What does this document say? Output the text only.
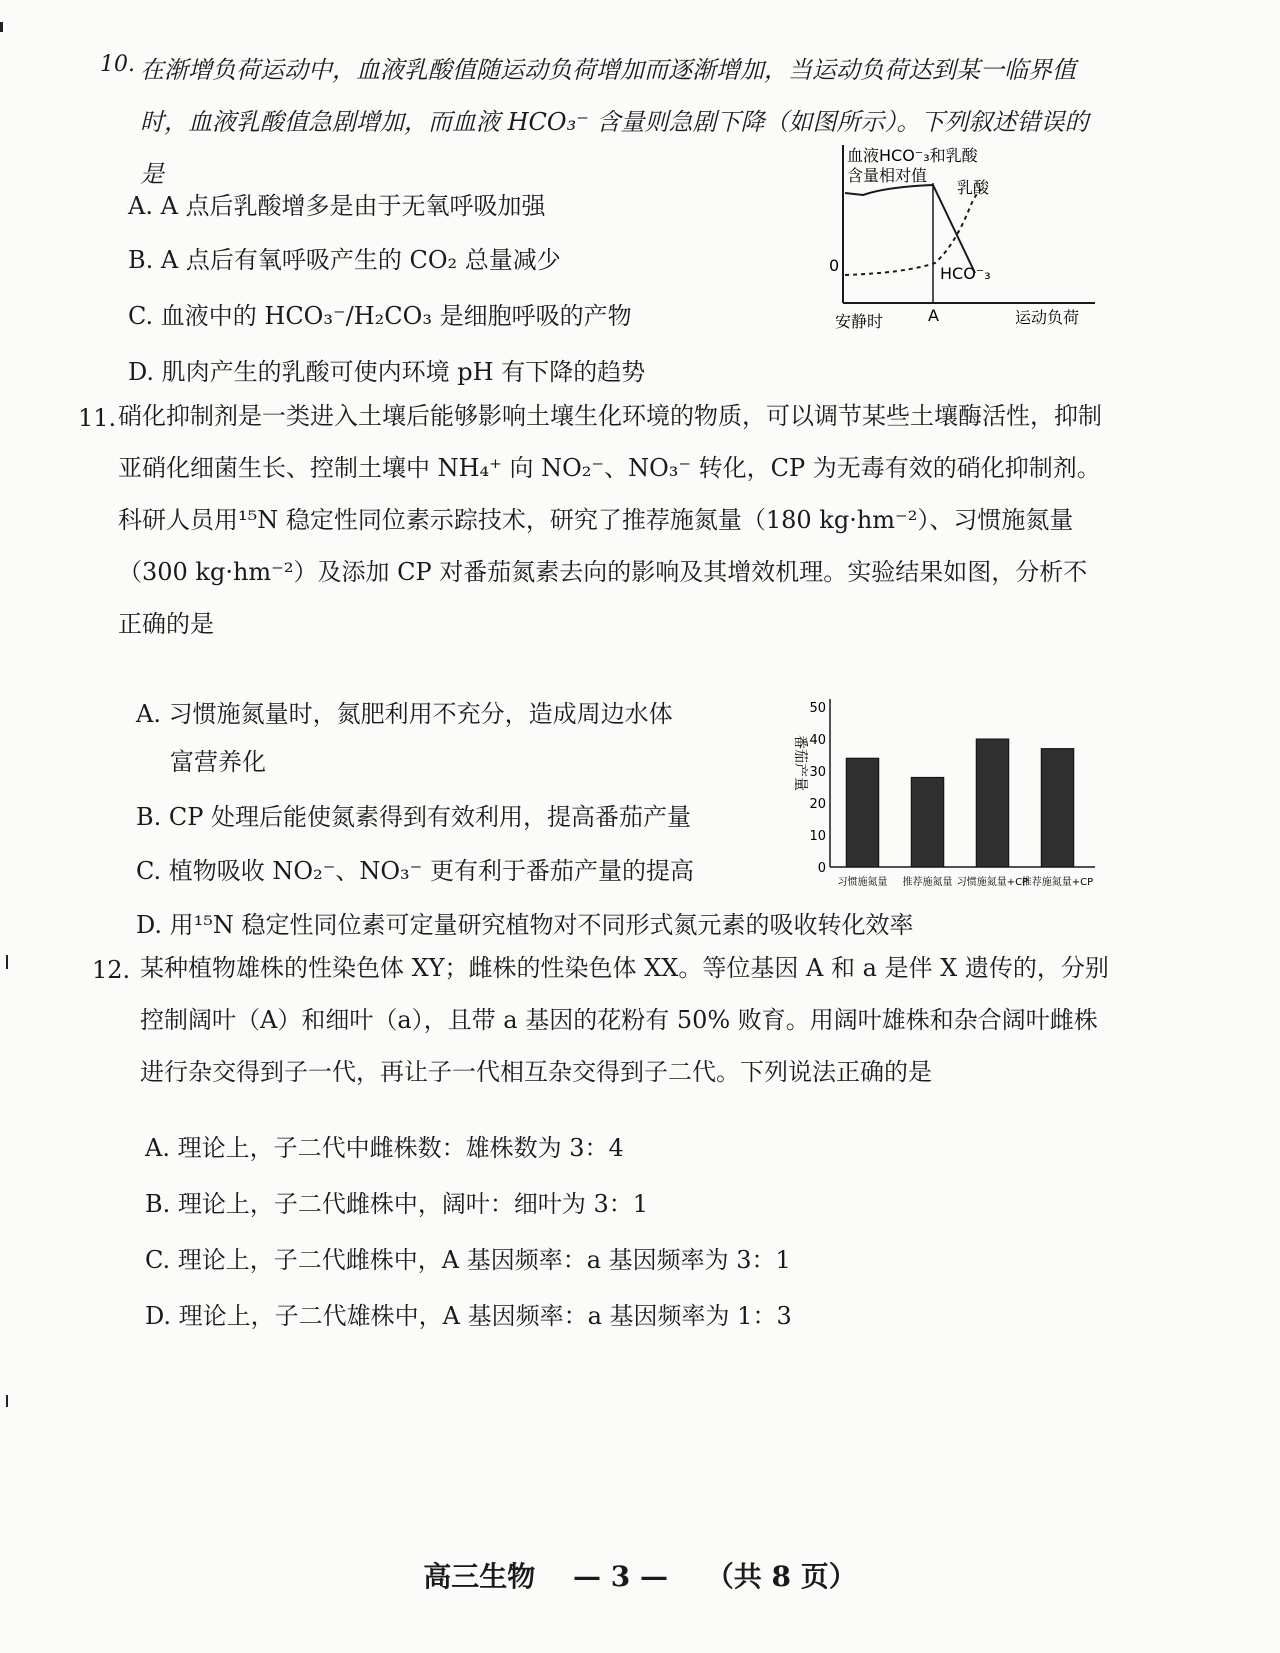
10. 在渐增负荷运动中，血液乳酸值随运动负荷增加而逐渐增加，当运动负荷达到某一临界值时，血液乳酸值急剧增加，而血液 HCO₃⁻ 含量则急剧下降（如图所示）。下列叙述错误的是
A. A 点后乳酸增多是由于无氧呼吸加强
B. A 点后有氧呼吸产生的 CO₂ 总量减少
C. 血液中的 HCO₃⁻/H₂CO₃ 是细胞呼吸的产物
D. 肌肉产生的乳酸可使内环境 pH 有下降的趋势
血液HCO⁻₃和乳酸
含量相对值
0
安静时	A	运动负荷
乳酸
HCO⁻₃
11. 硝化抑制剂是一类进入土壤后能够影响土壤生化环境的物质，可以调节某些土壤酶活性，抑制亚硝化细菌生长、控制土壤中 NH₄⁺ 向 NO₂⁻、NO₃⁻ 转化，CP 为无毒有效的硝化抑制剂。科研人员用¹⁵N 稳定性同位素示踪技术，研究了推荐施氮量（180 kg·hm⁻²）、习惯施氮量（300 kg·hm⁻²）及添加 CP 对番茄氮素去向的影响及其增效机理。实验结果如图，分析不正确的是
A. 习惯施氮量时，氮肥利用不充分，造成周边水体
富营养化
B. CP 处理后能使氮素得到有效利用，提高番茄产量
C. 植物吸收 NO₂⁻、NO₃⁻ 更有利于番茄产量的提高
D. 用¹⁵N 稳定性同位素可定量研究植物对不同形式氮元素的吸收转化效率
番茄产量
0
10
20
30
40
50
习惯施氮量 推荐施氮量 习惯施氮量+CP
推荐施氮量+CP
12. 某种植物雄株的性染色体 XY；雌株的性染色体 XX。等位基因 A 和 a 是伴 X 遗传的，分别控制阔叶（A）和细叶（a），且带 a 基因的花粉有 50% 败育。用阔叶雄株和杂合阔叶雌株进行杂交得到子一代，再让子一代相互杂交得到子二代。下列说法正确的是
A. 理论上，子二代中雌株数：雄株数为 3：4
B. 理论上，子二代雌株中，阔叶：细叶为 3：1
C. 理论上，子二代雌株中，A 基因频率：a 基因频率为 3：1
D. 理论上，子二代雄株中，A 基因频率：a 基因频率为 1：3
高三生物 — 3 — （共 8 页）
